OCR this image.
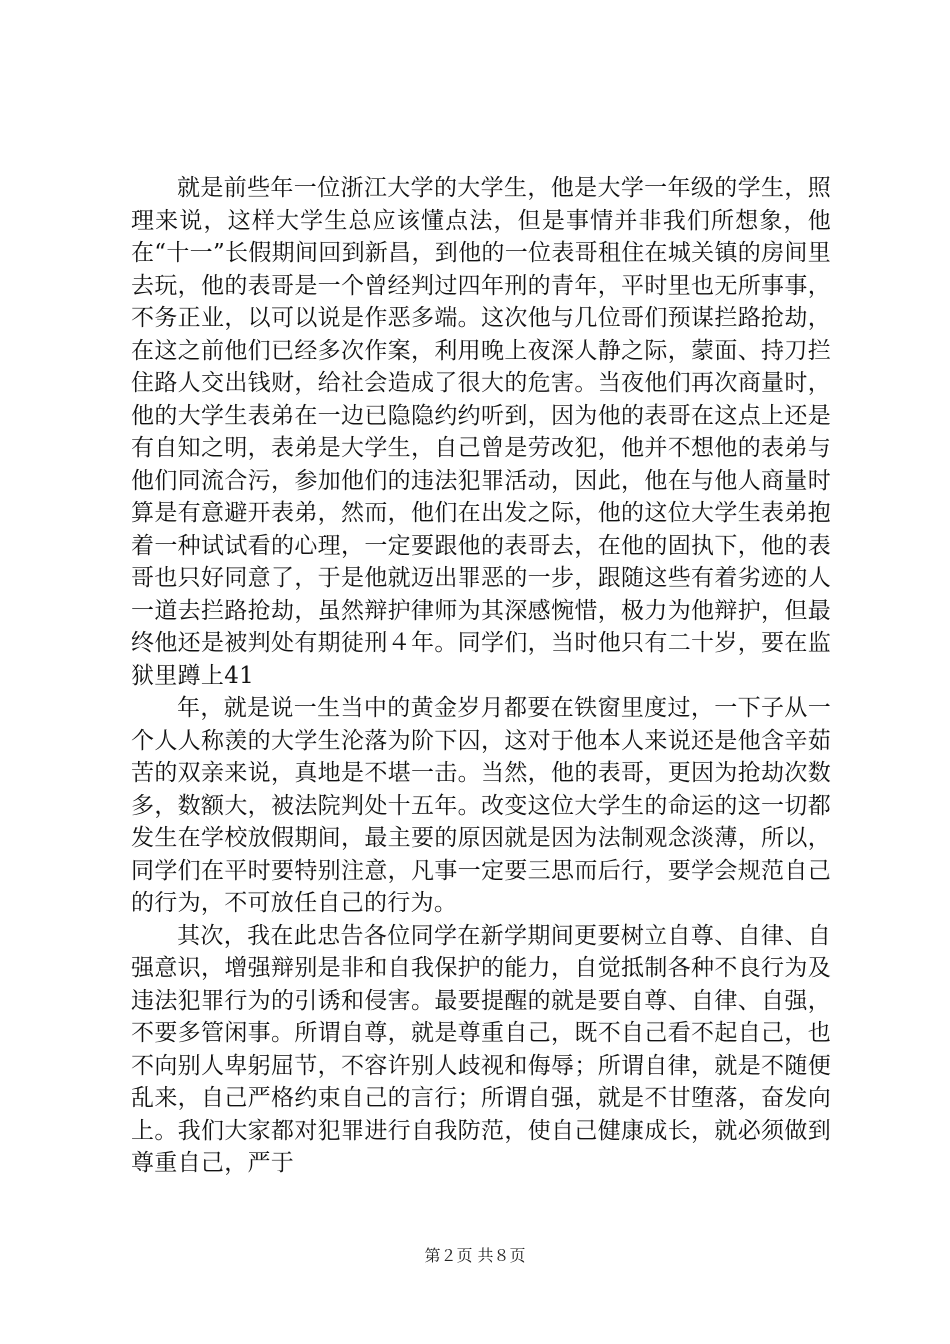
就是前些年一位浙江大学的大学生，他是大学一年级的学生，照理来说，这样大学生总应该懂点法，但是事情并非我们所想象，他在“十一”长假期间回到新昌，到他的一位表哥租住在城关镇的房间里去玩，他的表哥是一个曾经判过四年刑的青年，平时里也无所事事，不务正业，以可以说是作恶多端。这次他与几位哥们预谋拦路抢劫，在这之前他们已经多次作案，利用晚上夜深人静之际，蒙面、持刀拦住路人交出钱财，给社会造成了很大的危害。当夜他们再次商量时，他的大学生表弟在一边已隐隐约约听到，因为他的表哥在这点上还是有自知之明，表弟是大学生，自己曾是劳改犯，他并不想他的表弟与他们同流合污，参加他们的违法犯罪活动，因此，他在与他人商量时算是有意避开表弟，然而，他们在出发之际，他的这位大学生表弟抱着一种试试看的心理，一定要跟他的表哥去，在他的固执下，他的表哥也只好同意了，于是他就迈出罪恶的一步，跟随这些有着劣迹的人一道去拦路抢劫，虽然辩护律师为其深感惋惜，极力为他辩护，但最终他还是被判处有期徒刑４年。同学们，当时他只有二十岁，要在监狱里蹲上41

年，就是说一生当中的黄金岁月都要在铁窗里度过，一下子从一个人人称羡的大学生沦落为阶下囚，这对于他本人来说还是他含辛茹苦的双亲来说，真地是不堪一击。当然，他的表哥，更因为抢劫次数多，数额大，被法院判处十五年。改变这位大学生的命运的这一切都发生在学校放假期间，最主要的原因就是因为法制观念淡薄，所以，同学们在平时要特别注意，凡事一定要三思而后行，要学会规范自己的行为，不可放任自己的行为。

其次，我在此忠告各位同学在新学期间更要树立自尊、自律、自强意识，增强辩别是非和自我保护的能力，自觉抵制各种不良行为及违法犯罪行为的引诱和侵害。最要提醒的就是要自尊、自律、自强，不要多管闲事。所谓自尊，就是尊重自己，既不自己看不起自己，也不向别人卑躬屈节，不容许别人歧视和侮辱；所谓自律，就是不随便乱来，自己严格约束自己的言行；所谓自强，就是不甘堕落，奋发向上。我们大家都对犯罪进行自我防范，使自己健康成长，就必须做到尊重自己，严于

第２页 共８页
